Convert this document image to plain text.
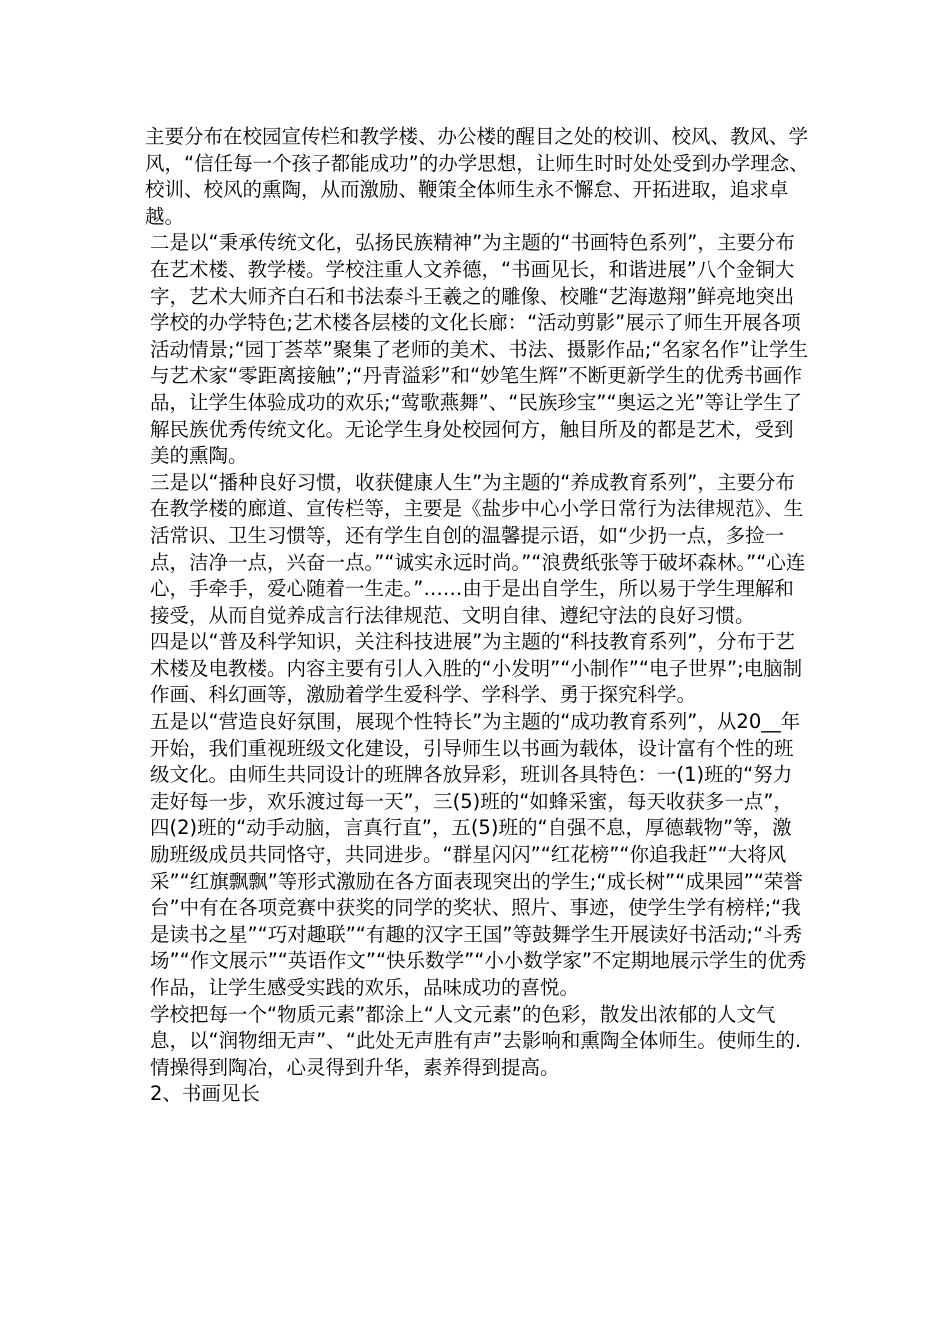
主要分布在校园宣传栏和教学楼、办公楼的醒目之处的校训、校风、教风、学风，“信任每一个孩子都能成功”的办学思想，让师生时时处处受到办学理念、校训、校风的熏陶，从而激励、鞭策全体师生永不懈怠、开拓进取，追求卓越。

二是以“秉承传统文化，弘扬民族精神”为主题的“书画特色系列”，主要分布在艺术楼、教学楼。学校注重人文养德，“书画见长，和谐进展”八个金铜大字，艺术大师齐白石和书法泰斗王羲之的雕像、校雕“艺海遨翔”鲜亮地突出学校的办学特色;艺术楼各层楼的文化长廊：“活动剪影”展示了师生开展各项活动情景;“园丁荟萃”聚集了老师的美术、书法、摄影作品;“名家名作”让学生与艺术家“零距离接触”;“丹青溢彩”和“妙笔生辉”不断更新学生的优秀书画作品，让学生体验成功的欢乐;“莺歌燕舞”、“民族珍宝”“奥运之光”等让学生了解民族优秀传统文化。无论学生身处校园何方，触目所及的都是艺术，受到美的熏陶。

三是以“播种良好习惯，收获健康人生”为主题的“养成教育系列”，主要分布在教学楼的廊道、宣传栏等，主要是《盐步中心小学日常行为法律规范》、生活常识、卫生习惯等，还有学生自创的温馨提示语，如“少扔一点，多捡一点，洁净一点，兴奋一点。”“诚实永远时尚。”“浪费纸张等于破坏森林。”“心连心，手牵手，爱心随着一生走。”……由于是出自学生，所以易于学生理解和接受，从而自觉养成言行法律规范、文明自律、遵纪守法的良好习惯。

四是以“普及科学知识，关注科技进展”为主题的“科技教育系列”，分布于艺术楼及电教楼。内容主要有引人入胜的“小发明”“小制作”“电子世界”;电脑制作画、科幻画等，激励着学生爱科学、学科学、勇于探究科学。

五是以“营造良好氛围，展现个性特长”为主题的“成功教育系列”，从20__年开始，我们重视班级文化建设，引导师生以书画为载体，设计富有个性的班级文化。由师生共同设计的班牌各放异彩，班训各具特色：一(1)班的“努力走好每一步，欢乐渡过每一天”，三(5)班的“如蜂采蜜，每天收获多一点”，四(2)班的“动手动脑，言真行直”，五(5)班的“自强不息，厚德载物”等，激励班级成员共同恪守，共同进步。“群星闪闪”“红花榜”“你追我赶”“大将风采”“红旗飘飘”等形式激励在各方面表现突出的学生;“成长树”“成果园”“荣誉台”中有在各项竞赛中获奖的同学的奖状、照片、事迹，使学生学有榜样;“我是读书之星”“巧对趣联”“有趣的汉字王国”等鼓舞学生开展读好书活动;“斗秀场”“作文展示”“英语作文”“快乐数学”“小小数学家”不定期地展示学生的优秀作品，让学生感受实践的欢乐，品味成功的喜悦。

学校把每一个“物质元素”都涂上“人文元素”的色彩，散发出浓郁的人文气息，以“润物细无声”、“此处无声胜有声”去影响和熏陶全体师生。使师生的.情操得到陶冶，心灵得到升华，素养得到提高。

2、书画见长
